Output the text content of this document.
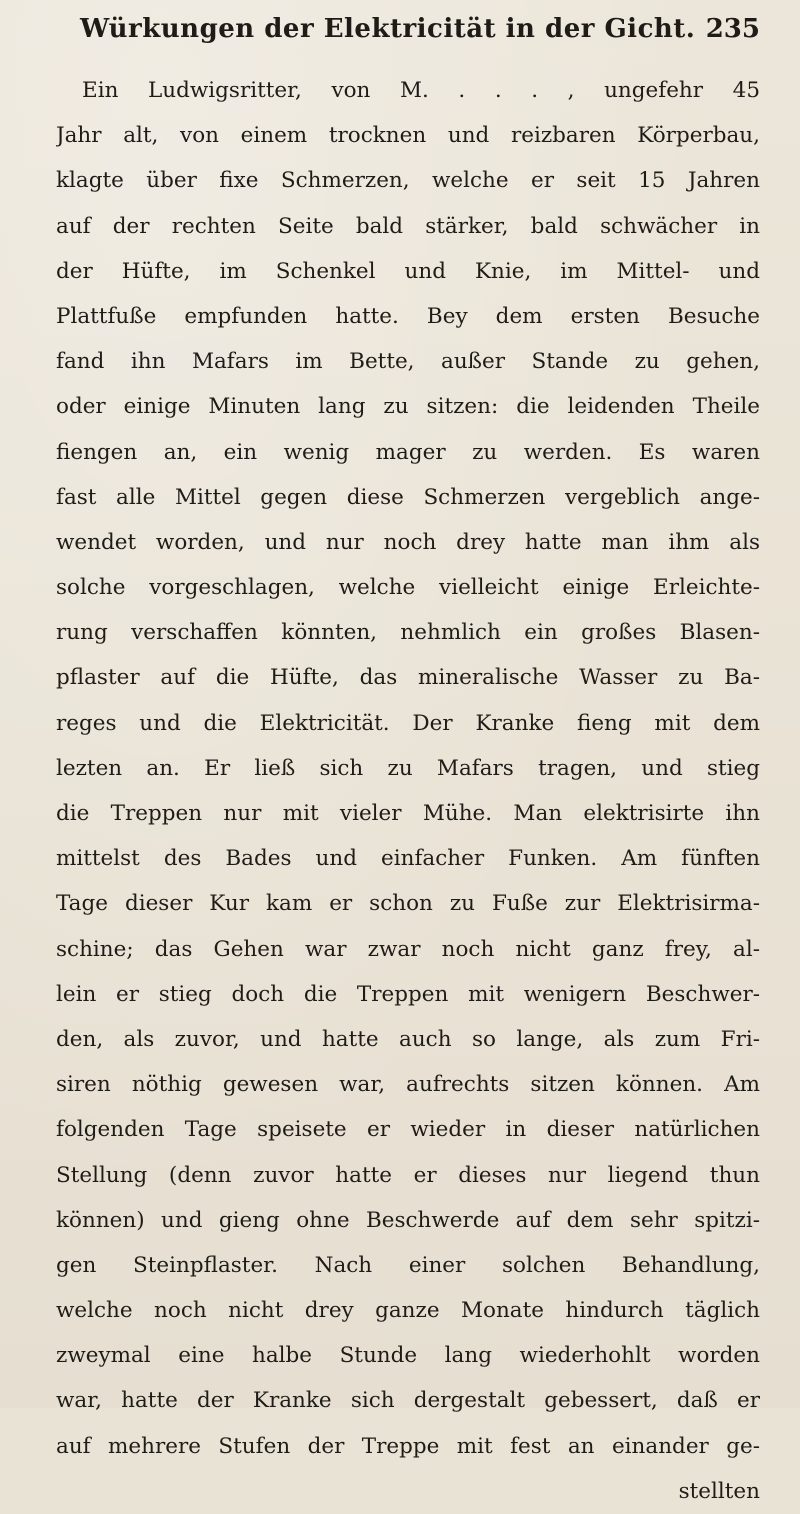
Würkungen der Elektricität in der Gicht. 235
Ein Ludwigsritter, von M. . . . , ungefehr 45
Jahr alt, von einem trocknen und reizbaren Körperbau,
klagte über fixe Schmerzen, welche er seit 15 Jahren
auf der rechten Seite bald stärker, bald schwächer in
der Hüfte, im Schenkel und Knie, im Mittel- und
Plattfuße empfunden hatte. Bey dem ersten Besuche
fand ihn Mafars im Bette, außer Stande zu gehen,
oder einige Minuten lang zu sitzen: die leidenden Theile
fiengen an, ein wenig mager zu werden. Es waren
fast alle Mittel gegen diese Schmerzen vergeblich ange-
wendet worden, und nur noch drey hatte man ihm als
solche vorgeschlagen, welche vielleicht einige Erleichte-
rung verschaffen könnten, nehmlich ein großes Blasen-
pflaster auf die Hüfte, das mineralische Wasser zu Ba-
reges und die Elektricität. Der Kranke fieng mit dem
lezten an. Er ließ sich zu Mafars tragen, und stieg
die Treppen nur mit vieler Mühe. Man elektrisirte ihn
mittelst des Bades und einfacher Funken. Am fünften
Tage dieser Kur kam er schon zu Fuße zur Elektrisirma-
schine; das Gehen war zwar noch nicht ganz frey, al-
lein er stieg doch die Treppen mit wenigern Beschwer-
den, als zuvor, und hatte auch so lange, als zum Fri-
siren nöthig gewesen war, aufrechts sitzen können. Am
folgenden Tage speisete er wieder in dieser natürlichen
Stellung (denn zuvor hatte er dieses nur liegend thun
können) und gieng ohne Beschwerde auf dem sehr spitzi-
gen Steinpflaster. Nach einer solchen Behandlung,
welche noch nicht drey ganze Monate hindurch täglich
zweymal eine halbe Stunde lang wiederhohlt worden
war, hatte der Kranke sich dergestalt gebessert, daß er
auf mehrere Stufen der Treppe mit fest an einander ge-
stellten
